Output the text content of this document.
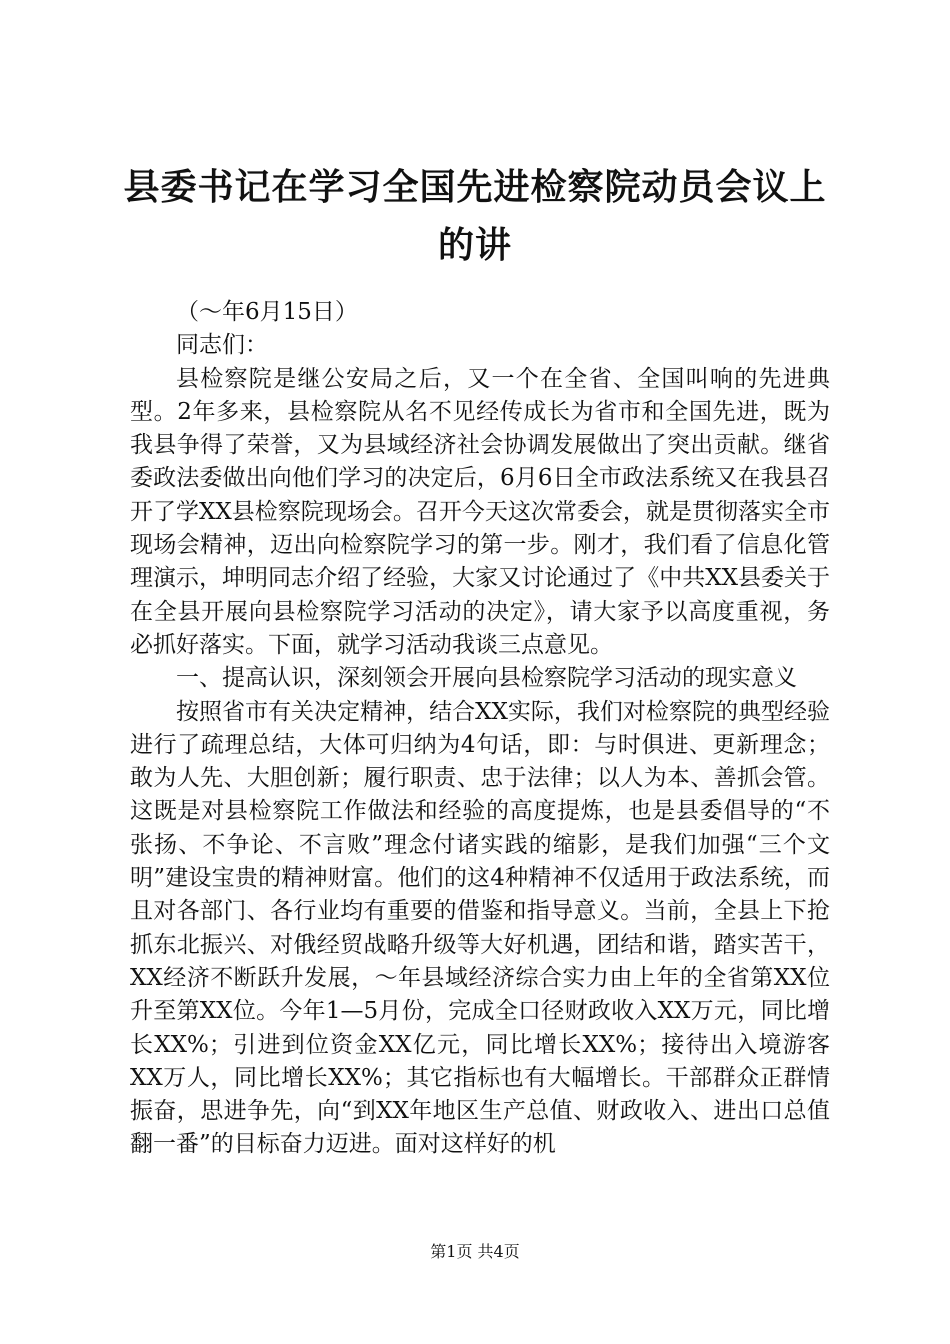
县委书记在学习全国先进检察院动员会议上的讲

（～年6月15日）

同志们：

县检察院是继公安局之后，又一个在全省、全国叫响的先进典型。2年多来，县检察院从名不见经传成长为省市和全国先进，既为我县争得了荣誉，又为县域经济社会协调发展做出了突出贡献。继省委政法委做出向他们学习的决定后，6月6日全市政法系统又在我县召开了学XX县检察院现场会。召开今天这次常委会，就是贯彻落实全市现场会精神，迈出向检察院学习的第一步。刚才，我们看了信息化管理演示，坤明同志介绍了经验，大家又讨论通过了《中共XX县委关于在全县开展向县检察院学习活动的决定》，请大家予以高度重视，务必抓好落实。下面，就学习活动我谈三点意见。

一、提高认识，深刻领会开展向县检察院学习活动的现实意义

按照省市有关决定精神，结合XX实际，我们对检察院的典型经验进行了疏理总结，大体可归纳为4句话，即：与时俱进、更新理念；敢为人先、大胆创新；履行职责、忠于法律；以人为本、善抓会管。这既是对县检察院工作做法和经验的高度提炼，也是县委倡导的“不张扬、不争论、不言败”理念付诸实践的缩影，是我们加强“三个文明”建设宝贵的精神财富。他们的这4种精神不仅适用于政法系统，而且对各部门、各行业均有重要的借鉴和指导意义。当前，全县上下抢抓东北振兴、对俄经贸战略升级等大好机遇，团结和谐，踏实苦干，XX经济不断跃升发展，～年县域经济综合实力由上年的全省第XX位升至第XX位。今年1—5月份，完成全口径财政收入XX万元，同比增长XX%；引进到位资金XX亿元，同比增长XX%；接待出入境游客XX万人，同比增长XX%；其它指标也有大幅增长。干部群众正群情振奋，思进争先，向“到XX年地区生产总值、财政收入、进出口总值翻一番”的目标奋力迈进。面对这样好的机

第1页 共4页
